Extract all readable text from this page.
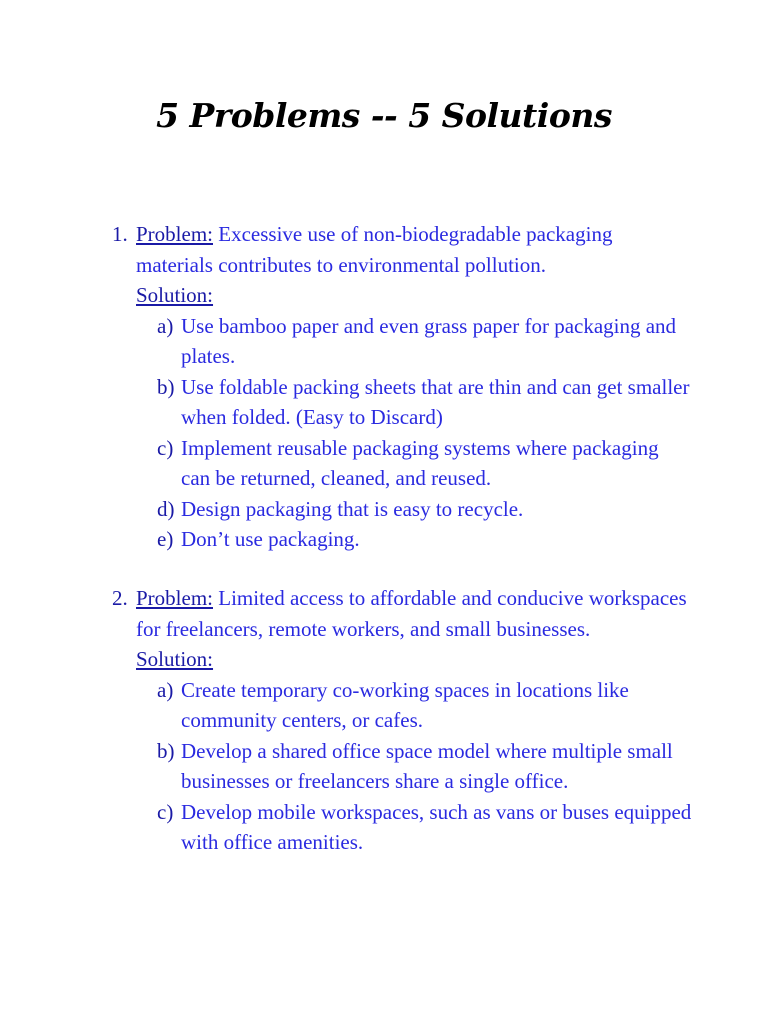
5 Problems -- 5 Solutions
1. Problem: Excessive use of non-biodegradable packaging materials contributes to environmental pollution.
Solution:
a) Use bamboo paper and even grass paper for packaging and plates.
b) Use foldable packing sheets that are thin and can get smaller when folded. (Easy to Discard)
c) Implement reusable packaging systems where packaging can be returned, cleaned, and reused.
d) Design packaging that is easy to recycle.
e) Don’t use packaging.
2. Problem: Limited access to affordable and conducive workspaces for freelancers, remote workers, and small businesses.
Solution:
a) Create temporary co-working spaces in locations like community centers, or cafes.
b) Develop a shared office space model where multiple small businesses or freelancers share a single office.
c) Develop mobile workspaces, such as vans or buses equipped with office amenities.
